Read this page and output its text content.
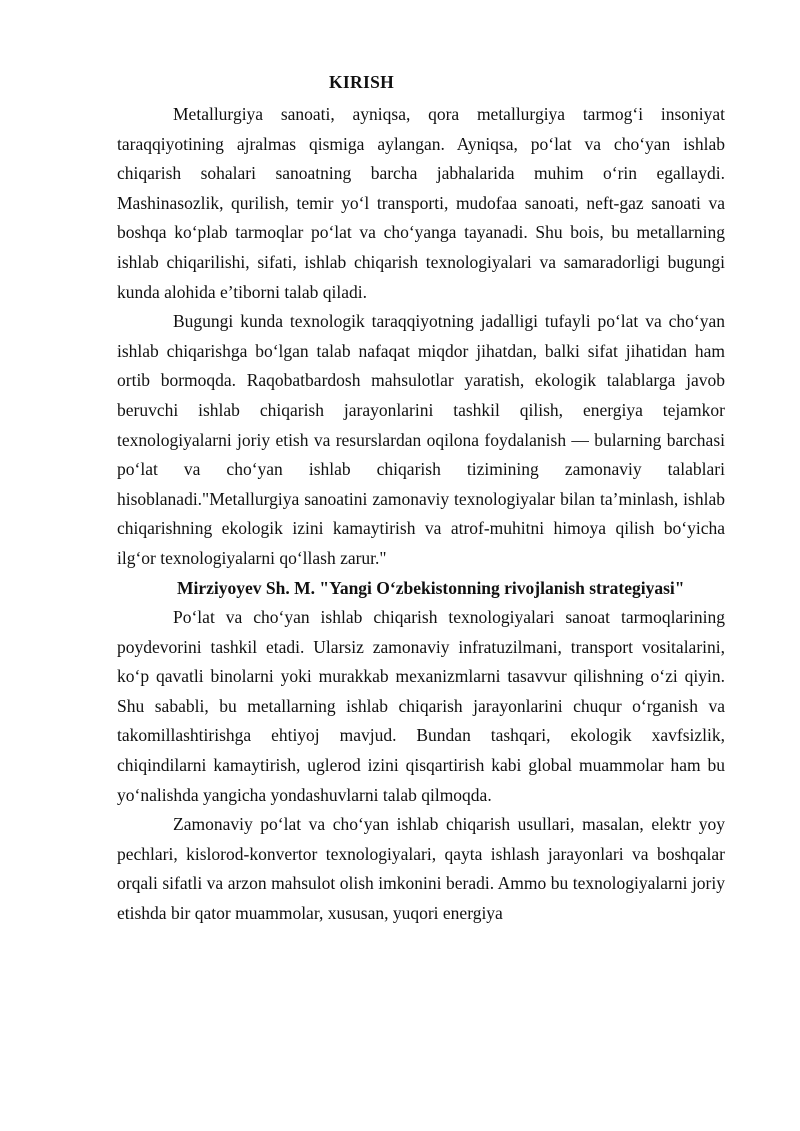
KIRISH

Metallurgiya sanoati, ayniqsa, qora metallurgiya tarmog‘i insoniyat taraqqiyotining ajralmas qismiga aylangan. Ayniqsa, po‘lat va cho‘yan ishlab chiqarish sohalari sanoatning barcha jabhalarida muhim o‘rin egallaydi. Mashinasozlik, qurilish, temir yo‘l transporti, mudofaa sanoati, neft-gaz sanoati va boshqa ko‘plab tarmoqlar po‘lat va cho‘yanga tayanadi. Shu bois, bu metallarning ishlab chiqarilishi, sifati, ishlab chiqarish texnologiyalari va samaradorligi bugungi kunda alohida e’tiborni talab qiladi.

Bugungi kunda texnologik taraqqiyotning jadalligi tufayli po‘lat va cho‘yan ishlab chiqarishga bo‘lgan talab nafaqat miqdor jihatdan, balki sifat jihatidan ham ortib bormoqda. Raqobatbardosh mahsulotlar yaratish, ekologik talablarga javob beruvchi ishlab chiqarish jarayonlarini tashkil qilish, energiya tejamkor texnologiyalarni joriy etish va resurslardan oqilona foydalanish — bularning barchasi po‘lat va cho‘yan ishlab chiqarish tizimining zamonaviy talablari hisoblanadi."Metallurgiya sanoatini zamonaviy texnologiyalar bilan ta’minlash, ishlab chiqarishning ekologik izini kamaytirish va atrof-muhitni himoya qilish bo‘yicha ilg‘or texnologiyalarni qo‘llash zarur."

Mirziyoyev Sh. M. "Yangi O‘zbekistonning rivojlanish strategiyasi"

Po‘lat va cho‘yan ishlab chiqarish texnologiyalari sanoat tarmoqlarining poydevorini tashkil etadi. Ularsiz zamonaviy infratuzilmani, transport vositalarini, ko‘p qavatli binolarni yoki murakkab mexanizmlarni tasavvur qilishning o‘zi qiyin. Shu sababli, bu metallarning ishlab chiqarish jarayonlarini chuqur o‘rganish va takomillashtirishga ehtiyoj mavjud. Bundan tashqari, ekologik xavfsizlik, chiqindilarni kamaytirish, uglerod izini qisqartirish kabi global muammolar ham bu yo‘nalishda yangicha yondashuvlarni talab qilmoqda.

Zamonaviy po‘lat va cho‘yan ishlab chiqarish usullari, masalan, elektr yoy pechlari, kislorod-konvertor texnologiyalari, qayta ishlash jarayonlari va boshqalar orqali sifatli va arzon mahsulot olish imkonini beradi. Ammo bu texnologiyalarni joriy etishda bir qator muammolar, xususan, yuqori energiya
